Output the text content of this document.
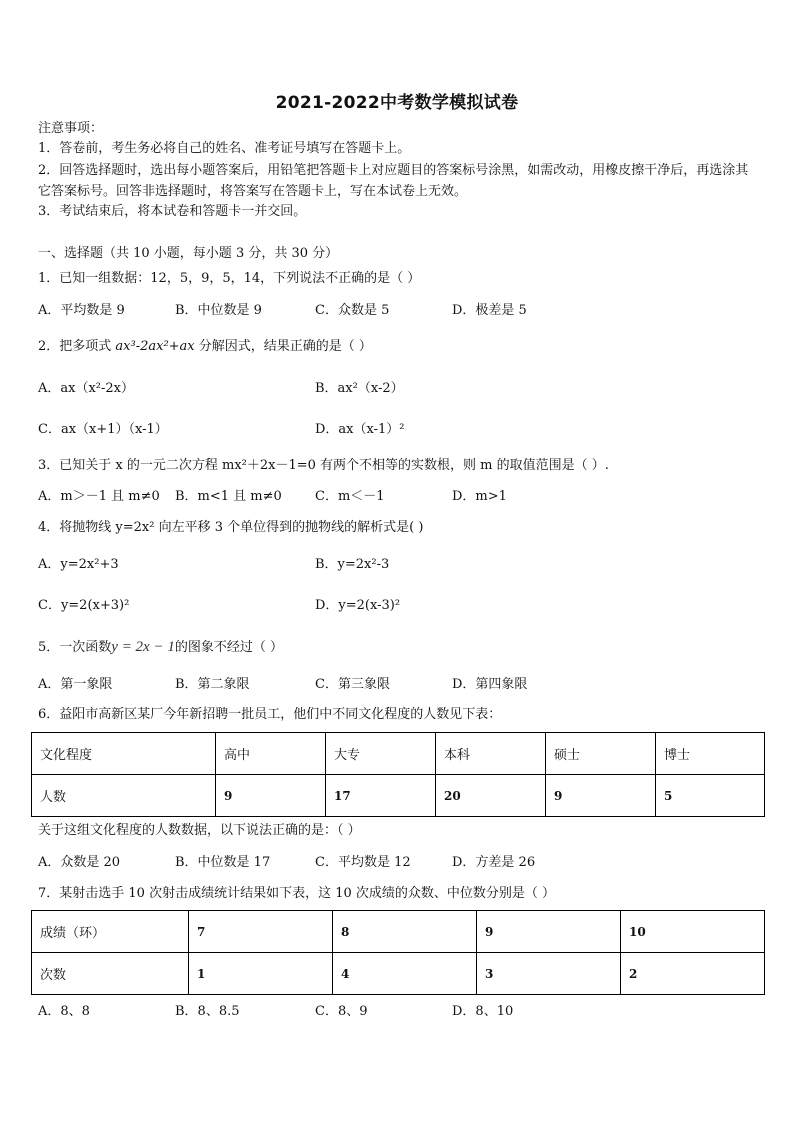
2021-2022中考数学模拟试卷
注意事项：
1．答卷前，考生务必将自己的姓名、准考证号填写在答题卡上。
2．回答选择题时，选出每小题答案后，用铅笔把答题卡上对应题目的答案标号涂黑，如需改动，用橡皮擦干净后，再选涂其它答案标号。回答非选择题时，将答案写在答题卡上，写在本试卷上无效。
3．考试结束后，将本试卷和答题卡一并交回。
一、选择题（共 10 小题，每小题 3 分，共 30 分）
1．已知一组数据：12，5，9，5，14，下列说法不正确的是（ ）
A．平均数是 9	B．中位数是 9	C．众数是 5	D．极差是 5
2．把多项式 ax³-2ax²+ax 分解因式，结果正确的是（ ）
A．ax（x²-2x）	B．ax²（x-2）
C．ax（x+1）（x-1）	D．ax（x-1）²
3．已知关于 x 的一元二次方程 mx²＋2x－1=0 有两个不相等的实数根，则 m 的取值范围是（ ）.
A．m＞－1 且 m≠0 B．m<1 且 m≠0	C．m＜－1	D．m>1
4．将抛物线 y=2x² 向左平移 3 个单位得到的抛物线的解析式是( )
A．y=2x²+3	B．y=2x²-3
C．y=2(x+3)²	D．y=2(x-3)²
5．一次函数y = 2x − 1的图象不经过（ ）
A．第一象限	B．第二象限	C．第三象限	D．第四象限
6．益阳市高新区某厂今年新招聘一批员工，他们中不同文化程度的人数见下表：
文化程度	高中	大专	本科	硕士	博士
人数	9	17	20	9	5
关于这组文化程度的人数数据，以下说法正确的是：（ ）
A．众数是 20	B．中位数是 17	C．平均数是 12	D．方差是 26
7．某射击选手 10 次射击成绩统计结果如下表，这 10 次成绩的众数、中位数分别是（ ）
成绩（环）	7	8	9	10
次数	1	4	3	2
A．8、8	B．8、8.5	C．8、9	D．8、10
